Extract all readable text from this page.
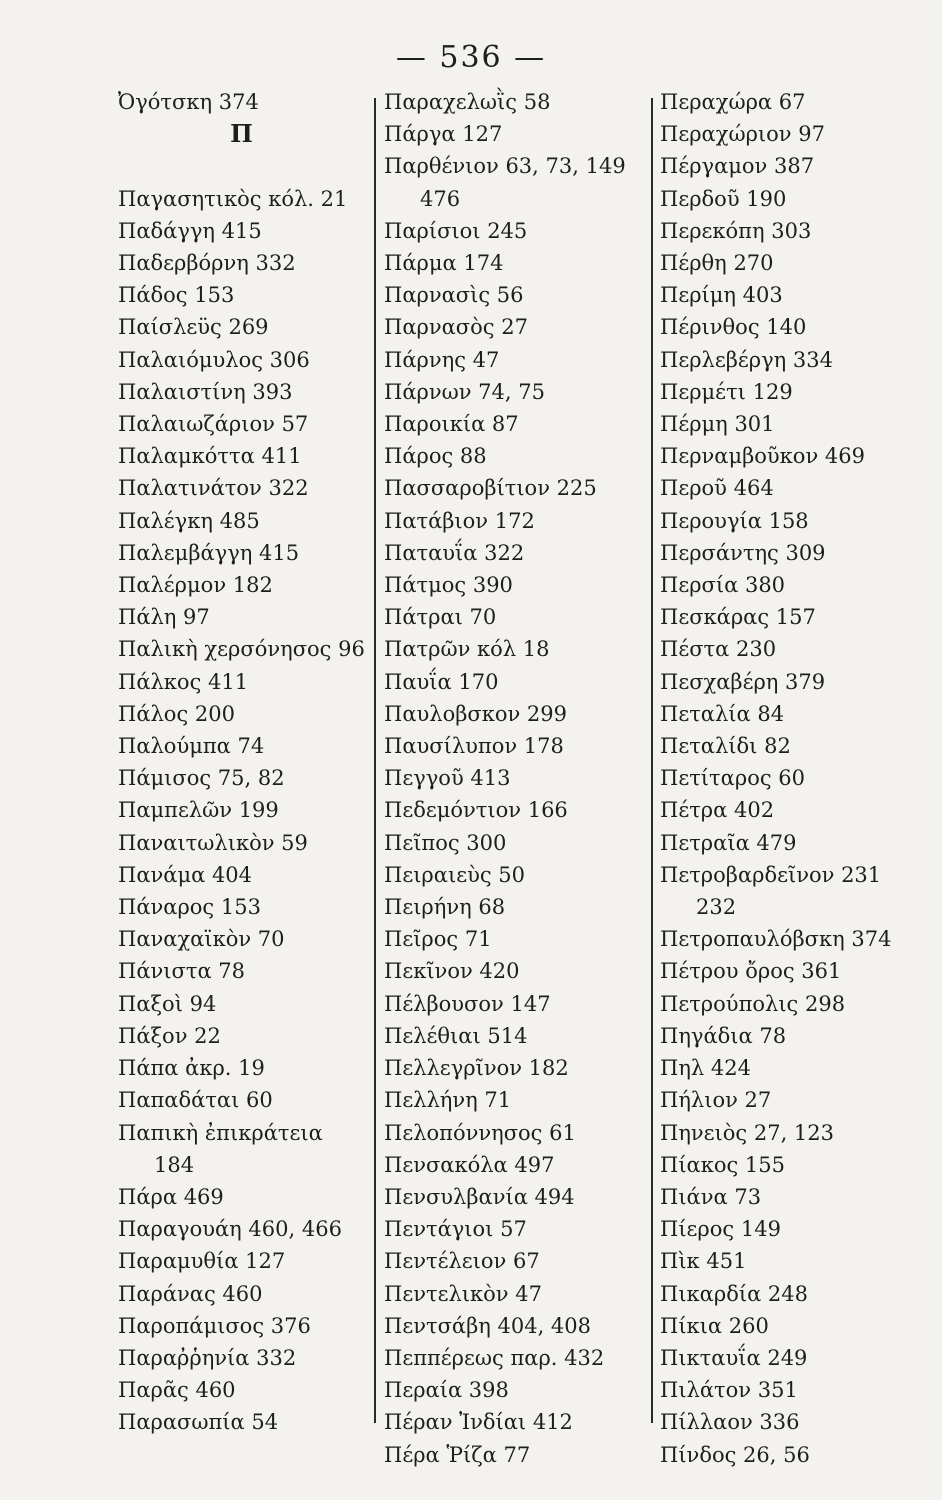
— 536 —
Ὀγότσκη 374
Π

Παγασητικὸς κόλ. 21
Παδάγγη 415
Παδερβόρνη 332
Πάδος 153
Παίσλεϋς 269
Παλαιόμυλος 306
Παλαιστίνη 393
Παλαιωζάριον 57
Παλαμκόττα 411
Παλατινάτον 322
Παλέγκη 485
Παλεμβάγγη 415
Παλέρμον 182
Πάλη 97
Παλικὴ χερσόνησος 96
Πάλκος 411
Πάλος 200
Παλούμπα 74
Πάμισος 75, 82
Παμπελῶν 199
Παναιτωλικὸν 59
Πανάμα 404
Πάναρος 153
Παναχαϊκὸν 70
Πάνιστα 78
Παξοὶ 94
Πάξον 22
Πάπα ἀκρ. 19
Παπαδάται 60
Παπικὴ ἐπικράτεια
184
Πάρα 469
Παραγουάη 460, 466
Παραμυθία 127
Παράνας 460
Παροπάμισος 376
Παραῤῥηνία 332
Παρᾶς 460
Παρασωπία 54
Παραχελωῒς 58
Πάργα 127
Παρθένιον 63, 73, 149
476
Παρίσιοι 245
Πάρμα 174
Παρνασὶς 56
Παρνασὸς 27
Πάρνης 47
Πάρνων 74, 75
Παροικία 87
Πάρος 88
Πασσαροβίτιον 225
Πατάβιον 172
Παταυΐα 322
Πάτμος 390
Πάτραι 70
Πατρῶν κόλ 18
Παυΐα 170
Παυλοβσκον 299
Παυσίλυπον 178
Πεγγοῦ 413
Πεδεμόντιον 166
Πεῖπος 300
Πειραιεὺς 50
Πειρήνη 68
Πεῖρος 71
Πεκῖνον 420
Πέλβουσον 147
Πελέθιαι 514
Πελλεγρῖνον 182
Πελλήνη 71
Πελοπόννησος 61
Πενσακόλα 497
Πενσυλβανία 494
Πεντάγιοι 57
Πεντέλειον 67
Πεντελικὸν 47
Πεντσάβη 404, 408
Πεππέρεως παρ. 432
Περαία 398
Πέραν Ἰνδίαι 412
Πέρα Ῥίζα 77
Περαχώρα 67
Περαχώριον 97
Πέργαμον 387
Περδοῦ 190
Περεκόπη 303
Πέρθη 270
Περίμη 403
Πέρινθος 140
Περλεβέργη 334
Περμέτι 129
Πέρμη 301
Περναμβοῦκον 469
Περοῦ 464
Περουγία 158
Περσάντης 309
Περσία 380
Πεσκάρας 157
Πέστα 230
Πεσχαβέρη 379
Πεταλία 84
Πεταλίδι 82
Πετίταρος 60
Πέτρα 402
Πετραῖα 479
Πετροβαρδεῖνον 231
232
Πετροπαυλόβσκη 374
Πέτρου ὄρος 361
Πετρούπολις 298
Πηγάδια 78
Πηλ 424
Πήλιον 27
Πηνειὸς 27, 123
Πίακος 155
Πιάνα 73
Πίερος 149
Πὶκ 451
Πικαρδία 248
Πίκια 260
Πικταυΐα 249
Πιλάτον 351
Πίλλαον 336
Πίνδος 26, 56
